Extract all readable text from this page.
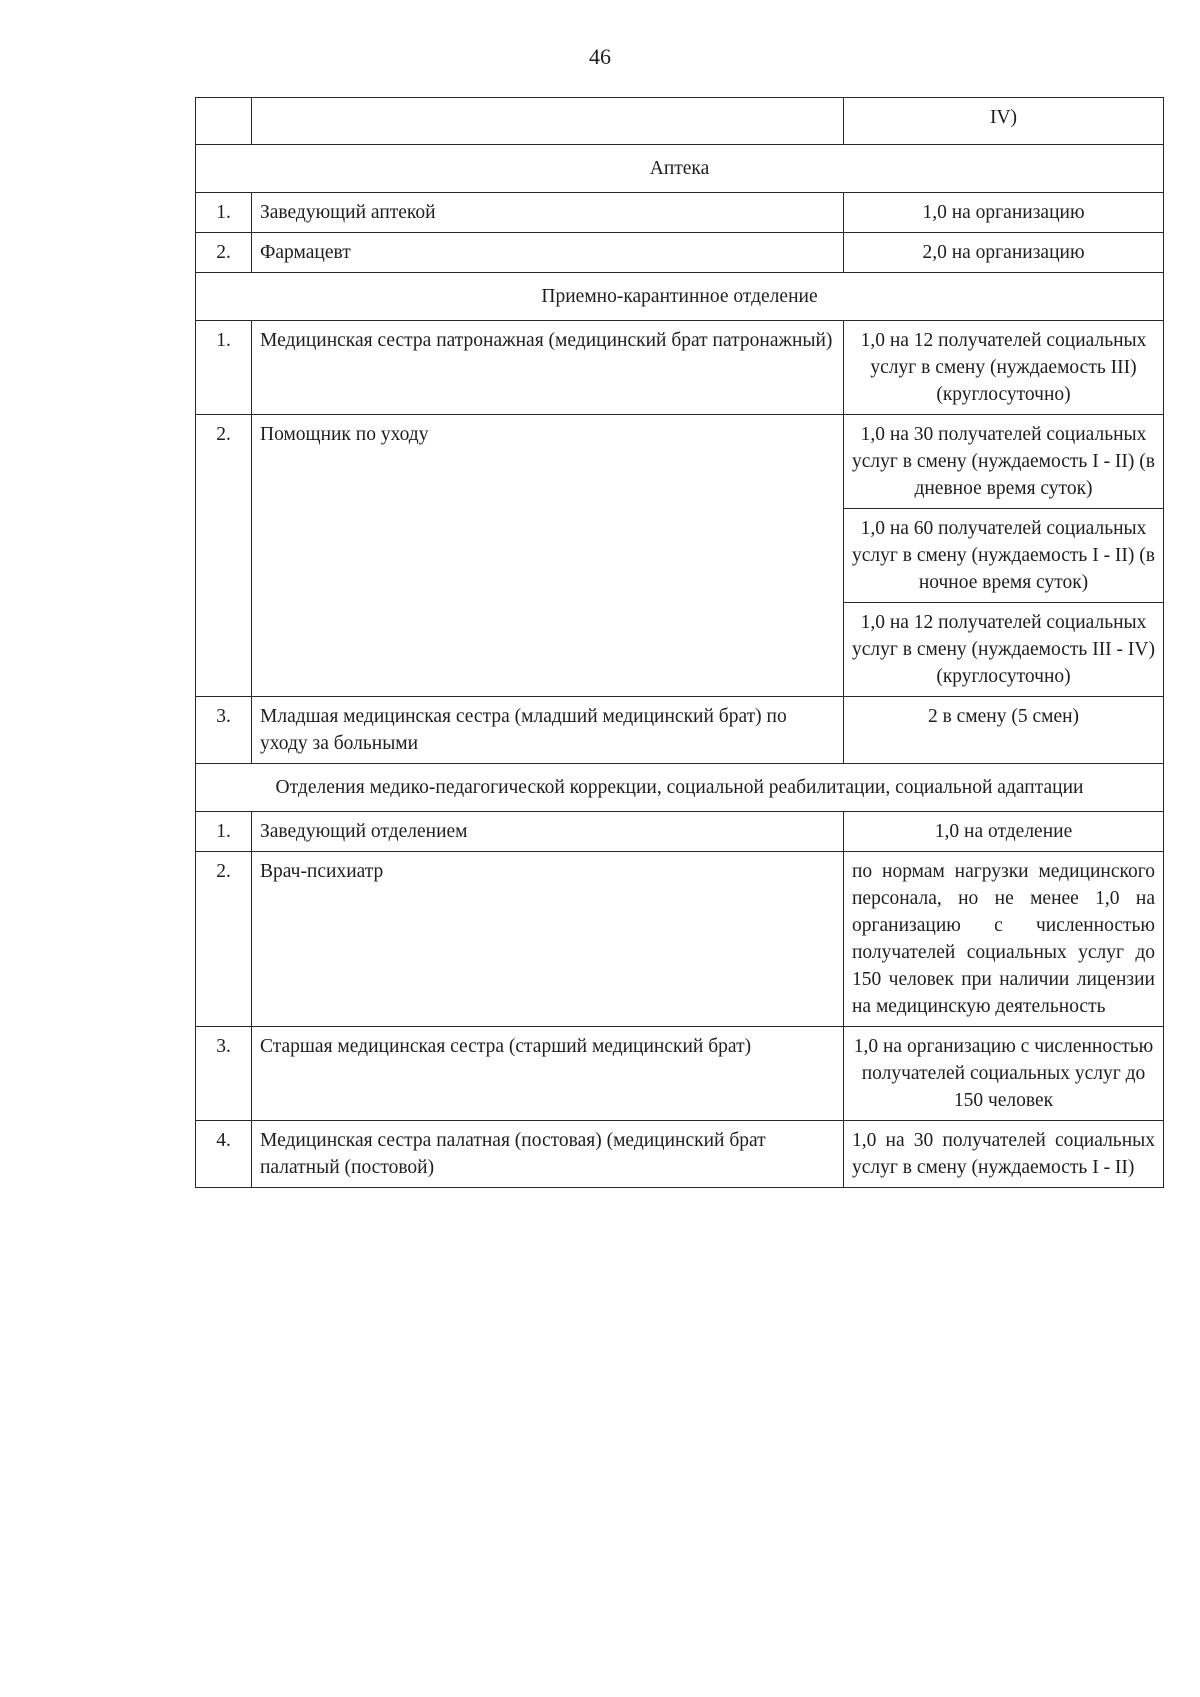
46
		IV)
Аптека		
1.	Заведующий аптекой	1,0 на организацию
2.	Фармацевт	2,0 на организацию
Приемно-карантинное отделение		
1.	Медицинская сестра патронажная (медицинский брат патронажный)	1,0 на 12 получателей социальных услуг в смену (нуждаемость III) (круглосуточно)
2.	Помощник по уходу	1,0 на 30 получателей социальных услуг в смену (нуждаемость I - II) (в дневное время суток)
		1,0 на 60 получателей социальных услуг в смену (нуждаемость I - II) (в ночное время суток)
		1,0 на 12 получателей социальных услуг в смену (нуждаемость III - IV) (круглосуточно)
3.	Младшая медицинская сестра (младший медицинский брат) по уходу за больными	2 в смену (5 смен)
Отделения медико-педагогической коррекции, социальной реабилитации, социальной адаптации		
1.	Заведующий отделением	1,0 на отделение
2.	Врач-психиатр	по нормам нагрузки медицинского персонала, но не менее 1,0 на организацию с численностью получателей социальных услуг до 150 человек при наличии лицензии на медицинскую деятельность
3.	Старшая медицинская сестра (старший медицинский брат)	1,0 на организацию с численностью получателей социальных услуг до 150 человек
4.	Медицинская сестра палатная (постовая) (медицинский брат палатный (постовой)	1,0 на 30 получателей социальных услуг в смену (нуждаемость I - II)
